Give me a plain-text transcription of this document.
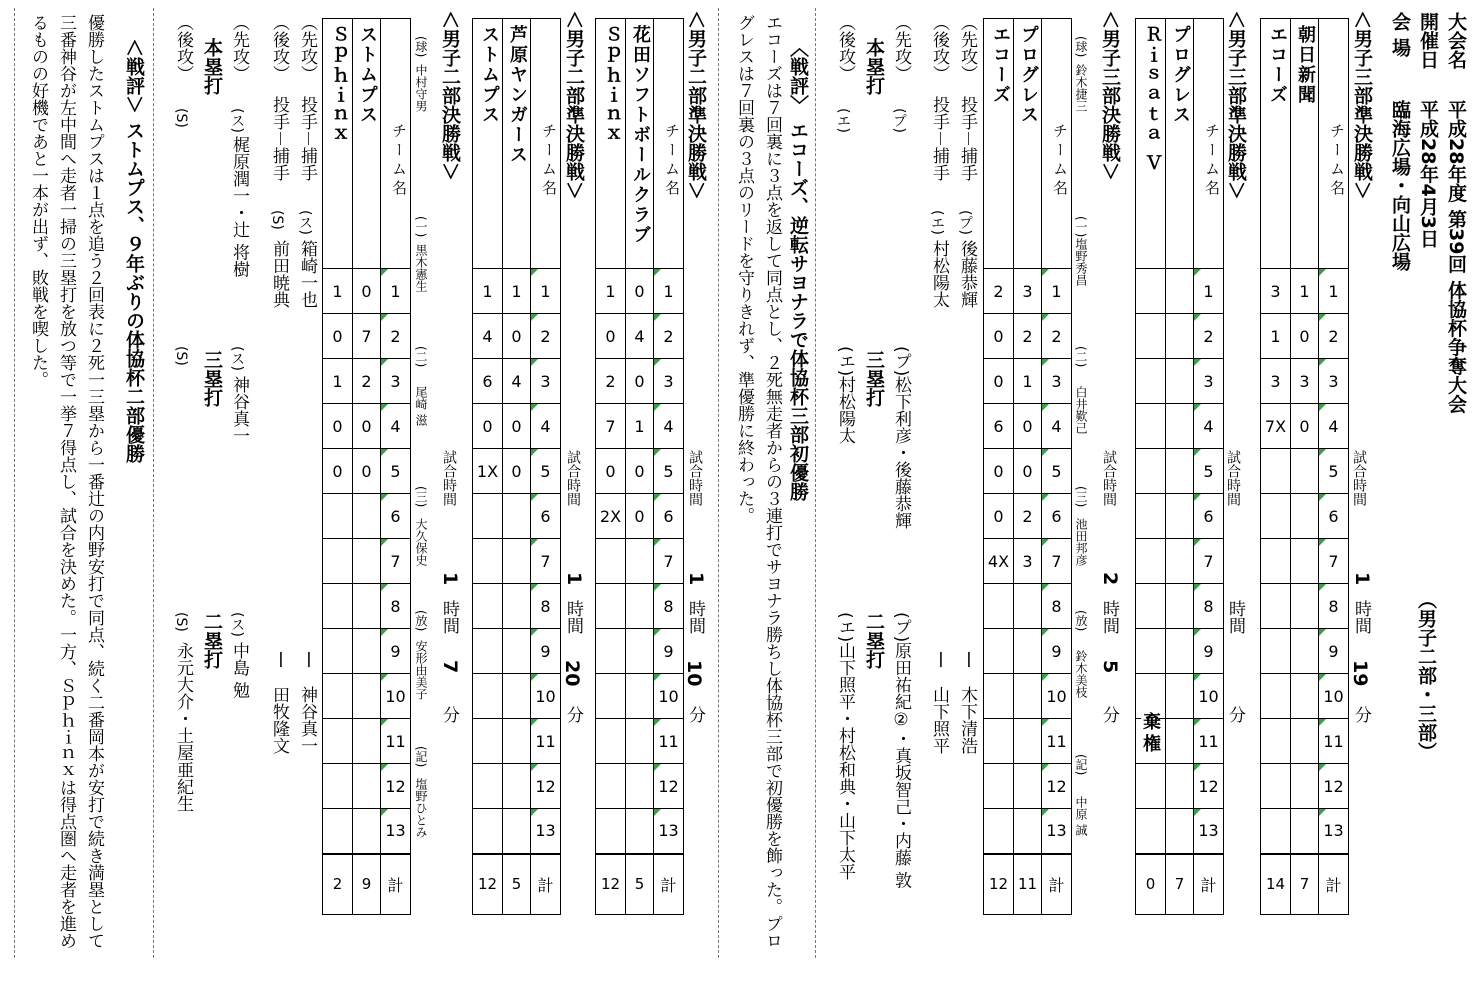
大会名
平成28年度 第39回 体協杯争奪大会
開催日
平成28年4月3日
会 場
臨海広場・向山広場
（男子二部・三部）
＜男子三部準決勝戦＞
試合時間
1
時間
19
分
エコーズ	朝日新聞	チーム名
3	1	1
1	0	2
3	3	3
7X	0	4
		5
		6
		7
		8
		9
		10
		11
		12
		13
14	7	計
＜男子三部準決勝戦＞
試合時間
時間
分
Ｒｉｓａｔａ Ｖ	プログレス	チーム名
		1
		2
		3
		4
		5
		6
		7
		8
		9
		10
		11
		12
		13
0	7	計
棄権
＜男子三部決勝戦＞
試合時間
2
時間
5
分
(球)
鈴木捷三
(一)
塩野秀昌
(二)
白井歎己
(三)
池田邦彦
(放)
鈴木美枝
(記)
中原 誠
エコーズ	プログレス	チーム名
2	3	1
0	2	2
0	1	3
6	0	4
0	0	5
0	2	6
4X	3	7
		8
		9
		10
		11
		12
		13
12	11	計
（先攻）
投手－捕手
(プ)
後藤恭輝
－
木下清浩
（後攻）
投手－捕手
(エ)
村松陽太
－
山下照平
（先攻）
(プ)
本塁打
（後攻）
(エ)
(プ)
松下利彦・後藤恭輝
三塁打
(エ)
村松陽太
(プ)
原田祐紀②・真坂智己・内藤 敦
二塁打
(エ)
山下照平・村松和典・山下太平
〈戦評〉 エコーズ、逆転サヨナラで体協杯三部初優勝
エコーズは７回裏に３点を返して同点とし、２死無走者からの３連打でサヨナラ勝ちし体協杯三部で初優勝を飾った。プログレスは７回裏の３点のリードを守りきれず、準優勝に終わった。
＜男子二部準決勝戦＞
試合時間
1
時間
10
分
Ｓｐｈｉｎｘ	花田ソフトボールクラブ	チーム名
1	0	1
0	4	2
2	0	3
7	1	4
0	0	5
2X	0	6
		7
		8
		9
		10
		11
		12
		13
12	5	計
＜男子二部準決勝戦＞
試合時間
1
時間
20
分
ストムプス	芦原ヤンガース	チーム名
1	1	1
4	0	2
6	4	3
0	0	4
1X	0	5
		6
		7
		8
		9
		10
		11
		12
		13
12	5	計
＜男子二部決勝戦＞
試合時間
1
時間
7
分
(球)
中村守男
(一)
黒木憲生
(二)
尾崎 滋
(三)
大久保史
(放)
安形由美子
(記)
塩野ひとみ
Ｓｐｈｉｎｘ	ストムプス	チーム名
1	0	1
0	7	2
1	2	3
0	0	4
0	0	5
		6
		7
		8
		9
		10
		11
		12
		13
2	9	計
（先攻）
投手－捕手
(ス)
箱崎一也
－
神谷真一
（後攻）
投手－捕手
(S)
前田暁典
－
田牧隆文
（先攻）
(ス)
梶原潤一・辻 将樹
本塁打
（後攻）
(S)
(ス)
神谷真一
三塁打
(S)
(ス)
中島 勉
二塁打
(S)
永元大介・土屋亜紀生
＜戦評＞ ストムプス、９年ぶりの体協杯二部優勝
優勝したストムプスは１点を追う２回表に２死一三塁から一番辻の内野安打で同点、続く二番岡本が安打で続き満塁として三番神谷が左中間へ走者一掃の三塁打を放つ等で一挙７得点し、試合を決めた。一方、Ｓｐｈｉｎｘは得点圏へ走者を進めるものの好機であと一本が出ず、敗戦を喫した。
